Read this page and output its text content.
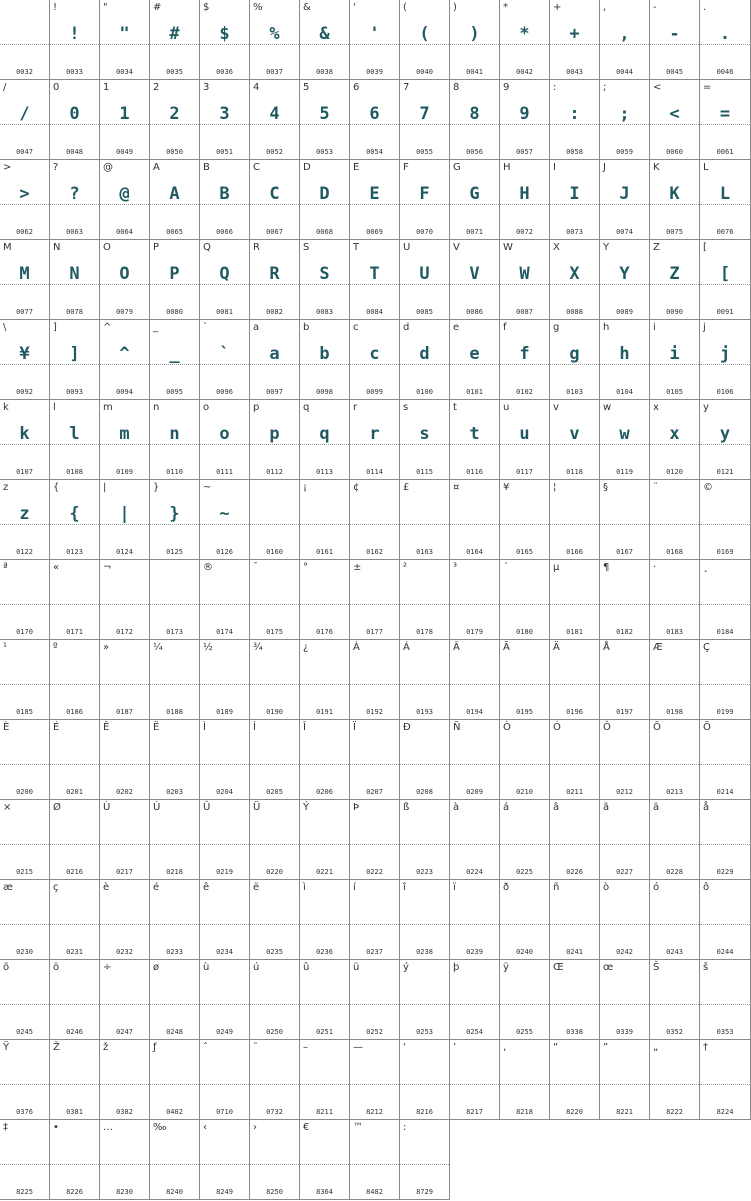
0032
!
!
0033
"
"
0034
#
#
0035
$
$
0036
%
%
0037
&
&
0038
'
'
0039
(
(
0040
)
)
0041
*
*
0042
+
+
0043
,
,
0044
-
-
0045
.
.
0046
/
/
0047
0
0
0048
1
1
0049
2
2
0050
3
3
0051
4
4
0052
5
5
0053
6
6
0054
7
7
0055
8
8
0056
9
9
0057
:
:
0058
;
;
0059
<
<
0060
=
=
0061
>
>
0062
?
?
0063
@
@
0064
A
A
0065
B
B
0066
C
C
0067
D
D
0068
E
E
0069
F
F
0070
G
G
0071
H
H
0072
I
I
0073
J
J
0074
K
K
0075
L
L
0076
M
M
0077
N
N
0078
O
O
0079
P
P
0080
Q
Q
0081
R
R
0082
S
S
0083
T
T
0084
U
U
0085
V
V
0086
W
W
0087
X
X
0088
Y
Y
0089
Z
Z
0090
[
[
0091
\
¥
0092
]
]
0093
^
^
0094
_
_
0095
`
`
0096
a
a
0097
b
b
0098
c
c
0099
d
d
0100
e
e
0101
f
f
0102
g
g
0103
h
h
0104
i
i
0105
j
j
0106
k
k
0107
l
l
0108
m
m
0109
n
n
0110
o
o
0111
p
p
0112
q
q
0113
r
r
0114
s
s
0115
t
t
0116
u
u
0117
v
v
0118
w
w
0119
x
x
0120
y
y
0121
z
z
0122
{
{
0123
|
|
0124
}
}
0125
~
~
0126	0160
¡
0161
¢
0162
£
0163
¤
0164
¥
0165
¦
0166
§
0167
¨
0168
©
0169
ª
0170
«
0171
¬
0172	0173
®
0174
¯
0175
°
0176
±
0177
²
0178
³
0179
´
0180
µ
0181
¶
0182
·
0183
¸
0184
¹
0185
º
0186
»
0187
¼
0188
½
0189
¾
0190
¿
0191
À
0192
Á
0193
Â
0194
Ã
0195
Ä
0196
Å
0197
Æ
0198
Ç
0199
È
0200
É
0201
Ê
0202
Ë
0203
Ì
0204
Í
0205
Î
0206
Ï
0207
Ð
0208
Ñ
0209
Ò
0210
Ó
0211
Ô
0212
Õ
0213
Ö
0214
×
0215
Ø
0216
Ù
0217
Ú
0218
Û
0219
Ü
0220
Ý
0221
Þ
0222
ß
0223
à
0224
á
0225
â
0226
ã
0227
ä
0228
å
0229
æ
0230
ç
0231
è
0232
é
0233
ê
0234
ë
0235
ì
0236
í
0237
î
0238
ï
0239
ð
0240
ñ
0241
ò
0242
ó
0243
ô
0244
õ
0245
ö
0246
÷
0247
ø
0248
ù
0249
ú
0250
û
0251
ü
0252
ý
0253
þ
0254
ÿ
0255
Œ
0338
œ
0339
Š
0352
š
0353
Ÿ
0376
Ž
0381
ž
0382
ƒ
0402
ˆ
0710
˜
0732
–
8211
—
8212
‘
8216
’
8217
‚
8218
“
8220
”
8221
„
8222
†
8224
‡
8225
•
8226
…
8230
‰
8240
‹
8249
›
8250
€
8364
™
8482
:
8729
